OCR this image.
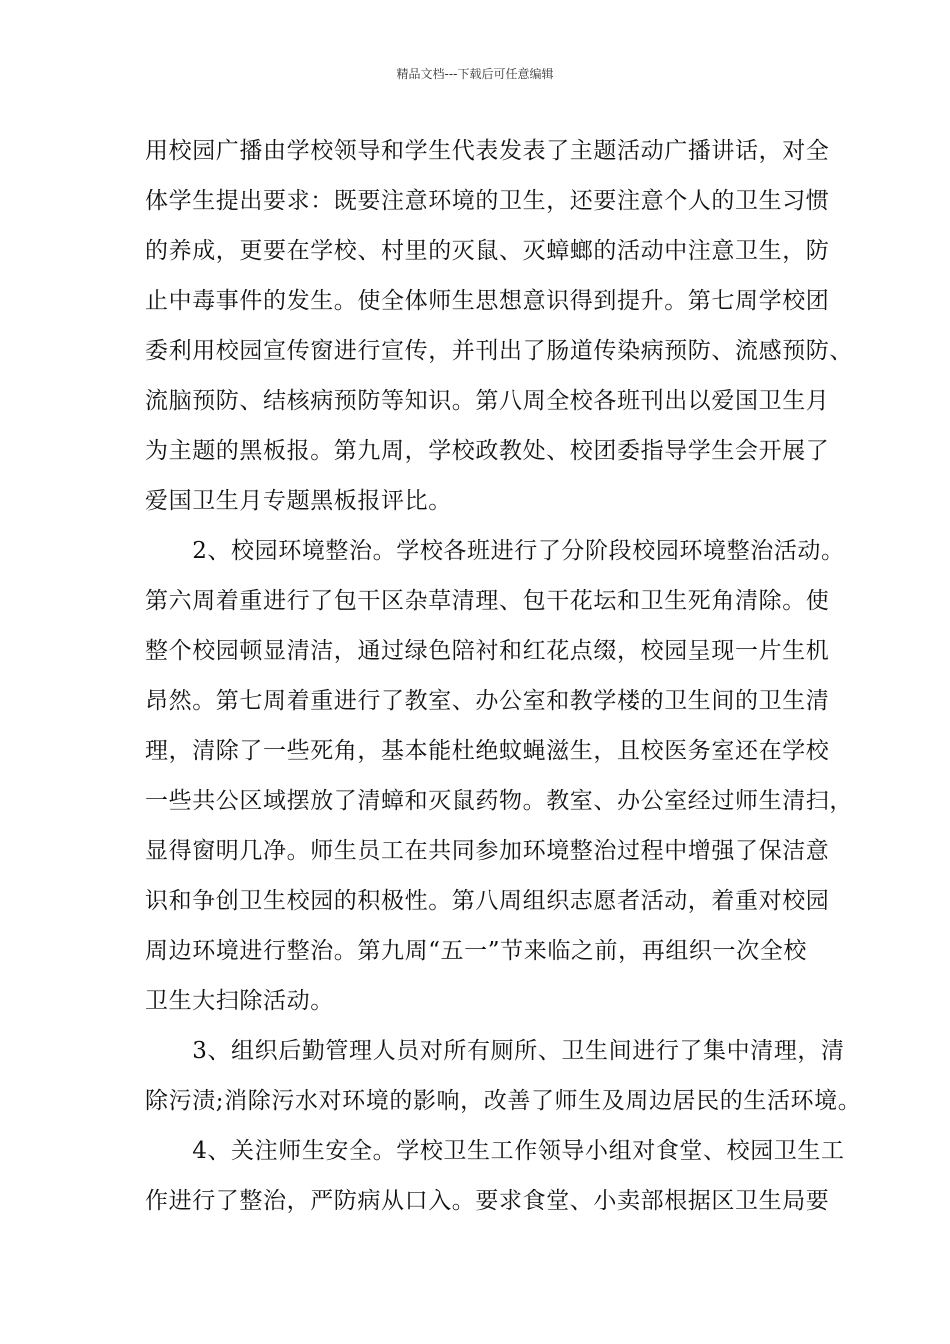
精品文档---下载后可任意编辑
用校园广播由学校领导和学生代表发表了主题活动广播讲话，对全
体学生提出要求：既要注意环境的卫生，还要注意个人的卫生习惯
的养成，更要在学校、村里的灭鼠、灭蟑螂的活动中注意卫生，防
止中毒事件的发生。使全体师生思想意识得到提升。第七周学校团
委利用校园宣传窗进行宣传，并刊出了肠道传染病预防、流感预防、
流脑预防、结核病预防等知识。第八周全校各班刊出以爱国卫生月
为主题的黑板报。第九周，学校政教处、校团委指导学生会开展了
爱国卫生月专题黑板报评比。
　　2、校园环境整治。学校各班进行了分阶段校园环境整治活动。
第六周着重进行了包干区杂草清理、包干花坛和卫生死角清除。使
整个校园顿显清洁，通过绿色陪衬和红花点缀，校园呈现一片生机
昂然。第七周着重进行了教室、办公室和教学楼的卫生间的卫生清
理，清除了一些死角，基本能杜绝蚊蝇滋生，且校医务室还在学校
一些共公区域摆放了清蟑和灭鼠药物。教室、办公室经过师生清扫，
显得窗明几净。师生员工在共同参加环境整治过程中增强了保洁意
识和争创卫生校园的积极性。第八周组织志愿者活动，着重对校园
周边环境进行整治。第九周“五一”节来临之前，再组织一次全校
卫生大扫除活动。
　　3、组织后勤管理人员对所有厕所、卫生间进行了集中清理，清
除污渍;消除污水对环境的影响，改善了师生及周边居民的生活环境。
　　4、关注师生安全。学校卫生工作领导小组对食堂、校园卫生工
作进行了整治，严防病从口入。要求食堂、小卖部根据区卫生局要
